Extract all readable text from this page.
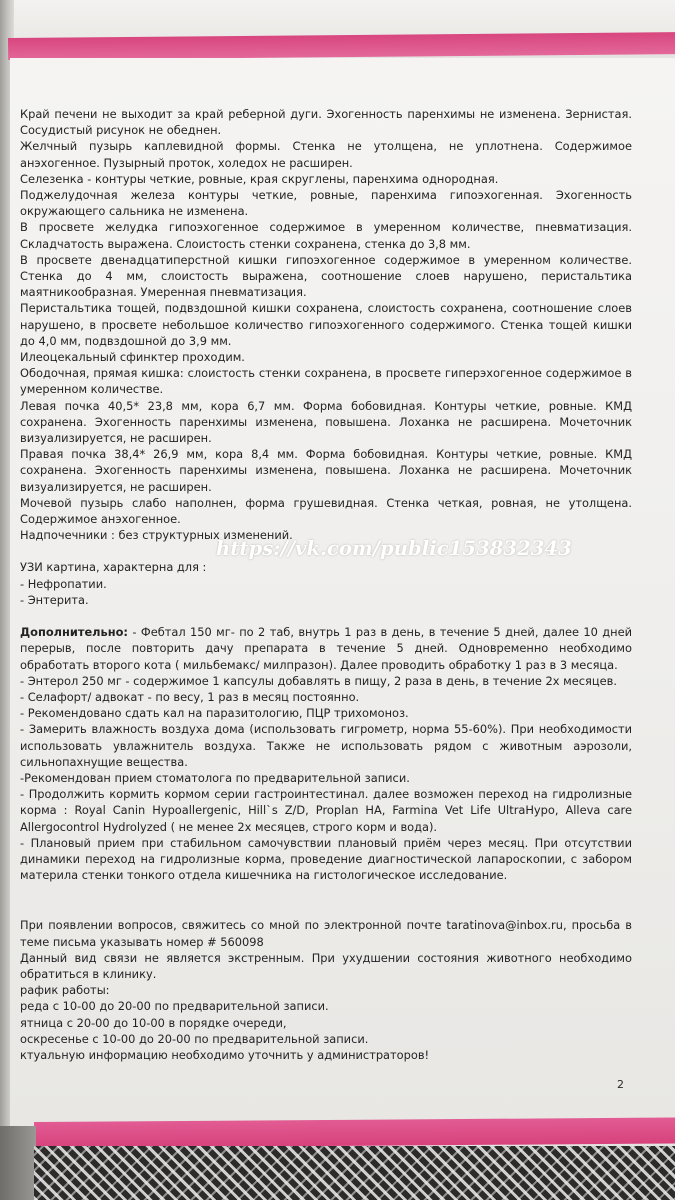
Край печени не выходит за край реберной дуги. Эхогенность паренхимы не изменена. Зернистая. Сосудистый рисунок не обеднен.

Желчный пузырь каплевидной формы. Стенка не утолщена, не уплотнена. Содержимое анэхогенное. Пузырный проток, холедох не расширен.

Селезенка - контуры четкие, ровные, края скруглены, паренхима однородная.

Поджелудочная железа контуры четкие, ровные, паренхима гипоэхогенная. Эхогенность окружающего сальника не изменена.

В просвете желудка гипоэхогенное содержимое в умеренном количестве, пневматизация. Складчатость выражена. Слоистость стенки сохранена, стенка до 3,8 мм.

В просвете двенадцатиперстной кишки гипоэхогенное содержимое в умеренном количестве. Стенка до 4 мм, слоистость выражена, соотношение слоев нарушено, перистальтика маятникообразная. Умеренная пневматизация.

Перистальтика тощей, подвздошной кишки сохранена, слоистость сохранена, соотношение слоев нарушено, в просвете небольшое количество гипоэхогенного содержимого. Стенка тощей кишки до 4,0 мм, подвздошной до 3,9 мм.

Илеоцекальный сфинктер проходим.

Ободочная, прямая кишка: слоистость стенки сохранена, в просвете гиперэхогенное содержимое в умеренном количестве.

Левая почка 40,5* 23,8 мм, кора 6,7 мм. Форма бобовидная. Контуры четкие, ровные. КМД сохранена. Эхогенность паренхимы изменена, повышена. Лоханка не расширена. Мочеточник визуализируется, не расширен.

Правая почка 38,4* 26,9 мм, кора 8,4 мм. Форма бобовидная. Контуры четкие, ровные. КМД сохранена. Эхогенность паренхимы изменена, повышена. Лоханка не расширена. Мочеточник визуализируется, не расширен.

Мочевой пузырь слабо наполнен, форма грушевидная. Стенка четкая, ровная, не утолщена. Содержимое анэхогенное.

Надпочечники : без структурных изменений.

УЗИ картина, характерна для :

- Нефропатии.

- Энтерита.

Дополнительно: - Фебтал 150 мг- по 2 таб, внутрь 1 раз в день, в течение 5 дней, далее 10 дней перерыв, после повторить дачу препарата в течение 5 дней. Одновременно необходимо обработать второго кота ( мильбемакс/ милпразон). Далее проводить обработку 1 раз в 3 месяца.

- Энтерол 250 мг - содержимое 1 капсулы добавлять в пищу, 2 раза в день, в течение 2х месяцев.

- Селафорт/ адвокат - по весу, 1 раз в месяц постоянно.

- Рекомендовано сдать кал на паразитологию, ПЦР трихомоноз.

- Замерить влажность воздуха дома (использовать гигрометр, норма 55-60%). При необходимости использовать увлажнитель воздуха. Также не использовать рядом с животным аэрозоли, сильнопахнущие вещества.

-Рекомендован прием стоматолога по предварительной записи.

- Продолжить кормить кормом серии гастроинтестинал. далее возможен переход на гидролизные корма : Royal Canin Hypoallergenic, Hill`s Z/D, Proplan HA, Farmina Vet Life UltraHypo, Alleva care Allergocontrol Hydrolyzed ( не менее 2х месяцев, строго корм и вода).

- Плановый прием при стабильном самочувствии плановый приём через месяц. При отсутствии динамики переход на гидролизные корма, проведение диагностической лапароскопии, с забором материла стенки тонкого отдела кишечника на гистологическое исследование.

При появлении вопросов, свяжитесь со мной по электронной почте taratinova@inbox.ru, просьба в теме письма указывать номер # 560098

Данный вид связи не является экстренным. При ухудшении состояния животного необходимо обратиться в клинику.

рафик работы:

реда с 10-00 до 20-00 по предварительной записи.

ятница с 20-00 до 10-00 в порядке очереди,

оскресенье с 10-00 до 20-00 по предварительной записи.

ктуальную информацию необходимо уточнить у администраторов!

https://vk.com/public153832343
2
